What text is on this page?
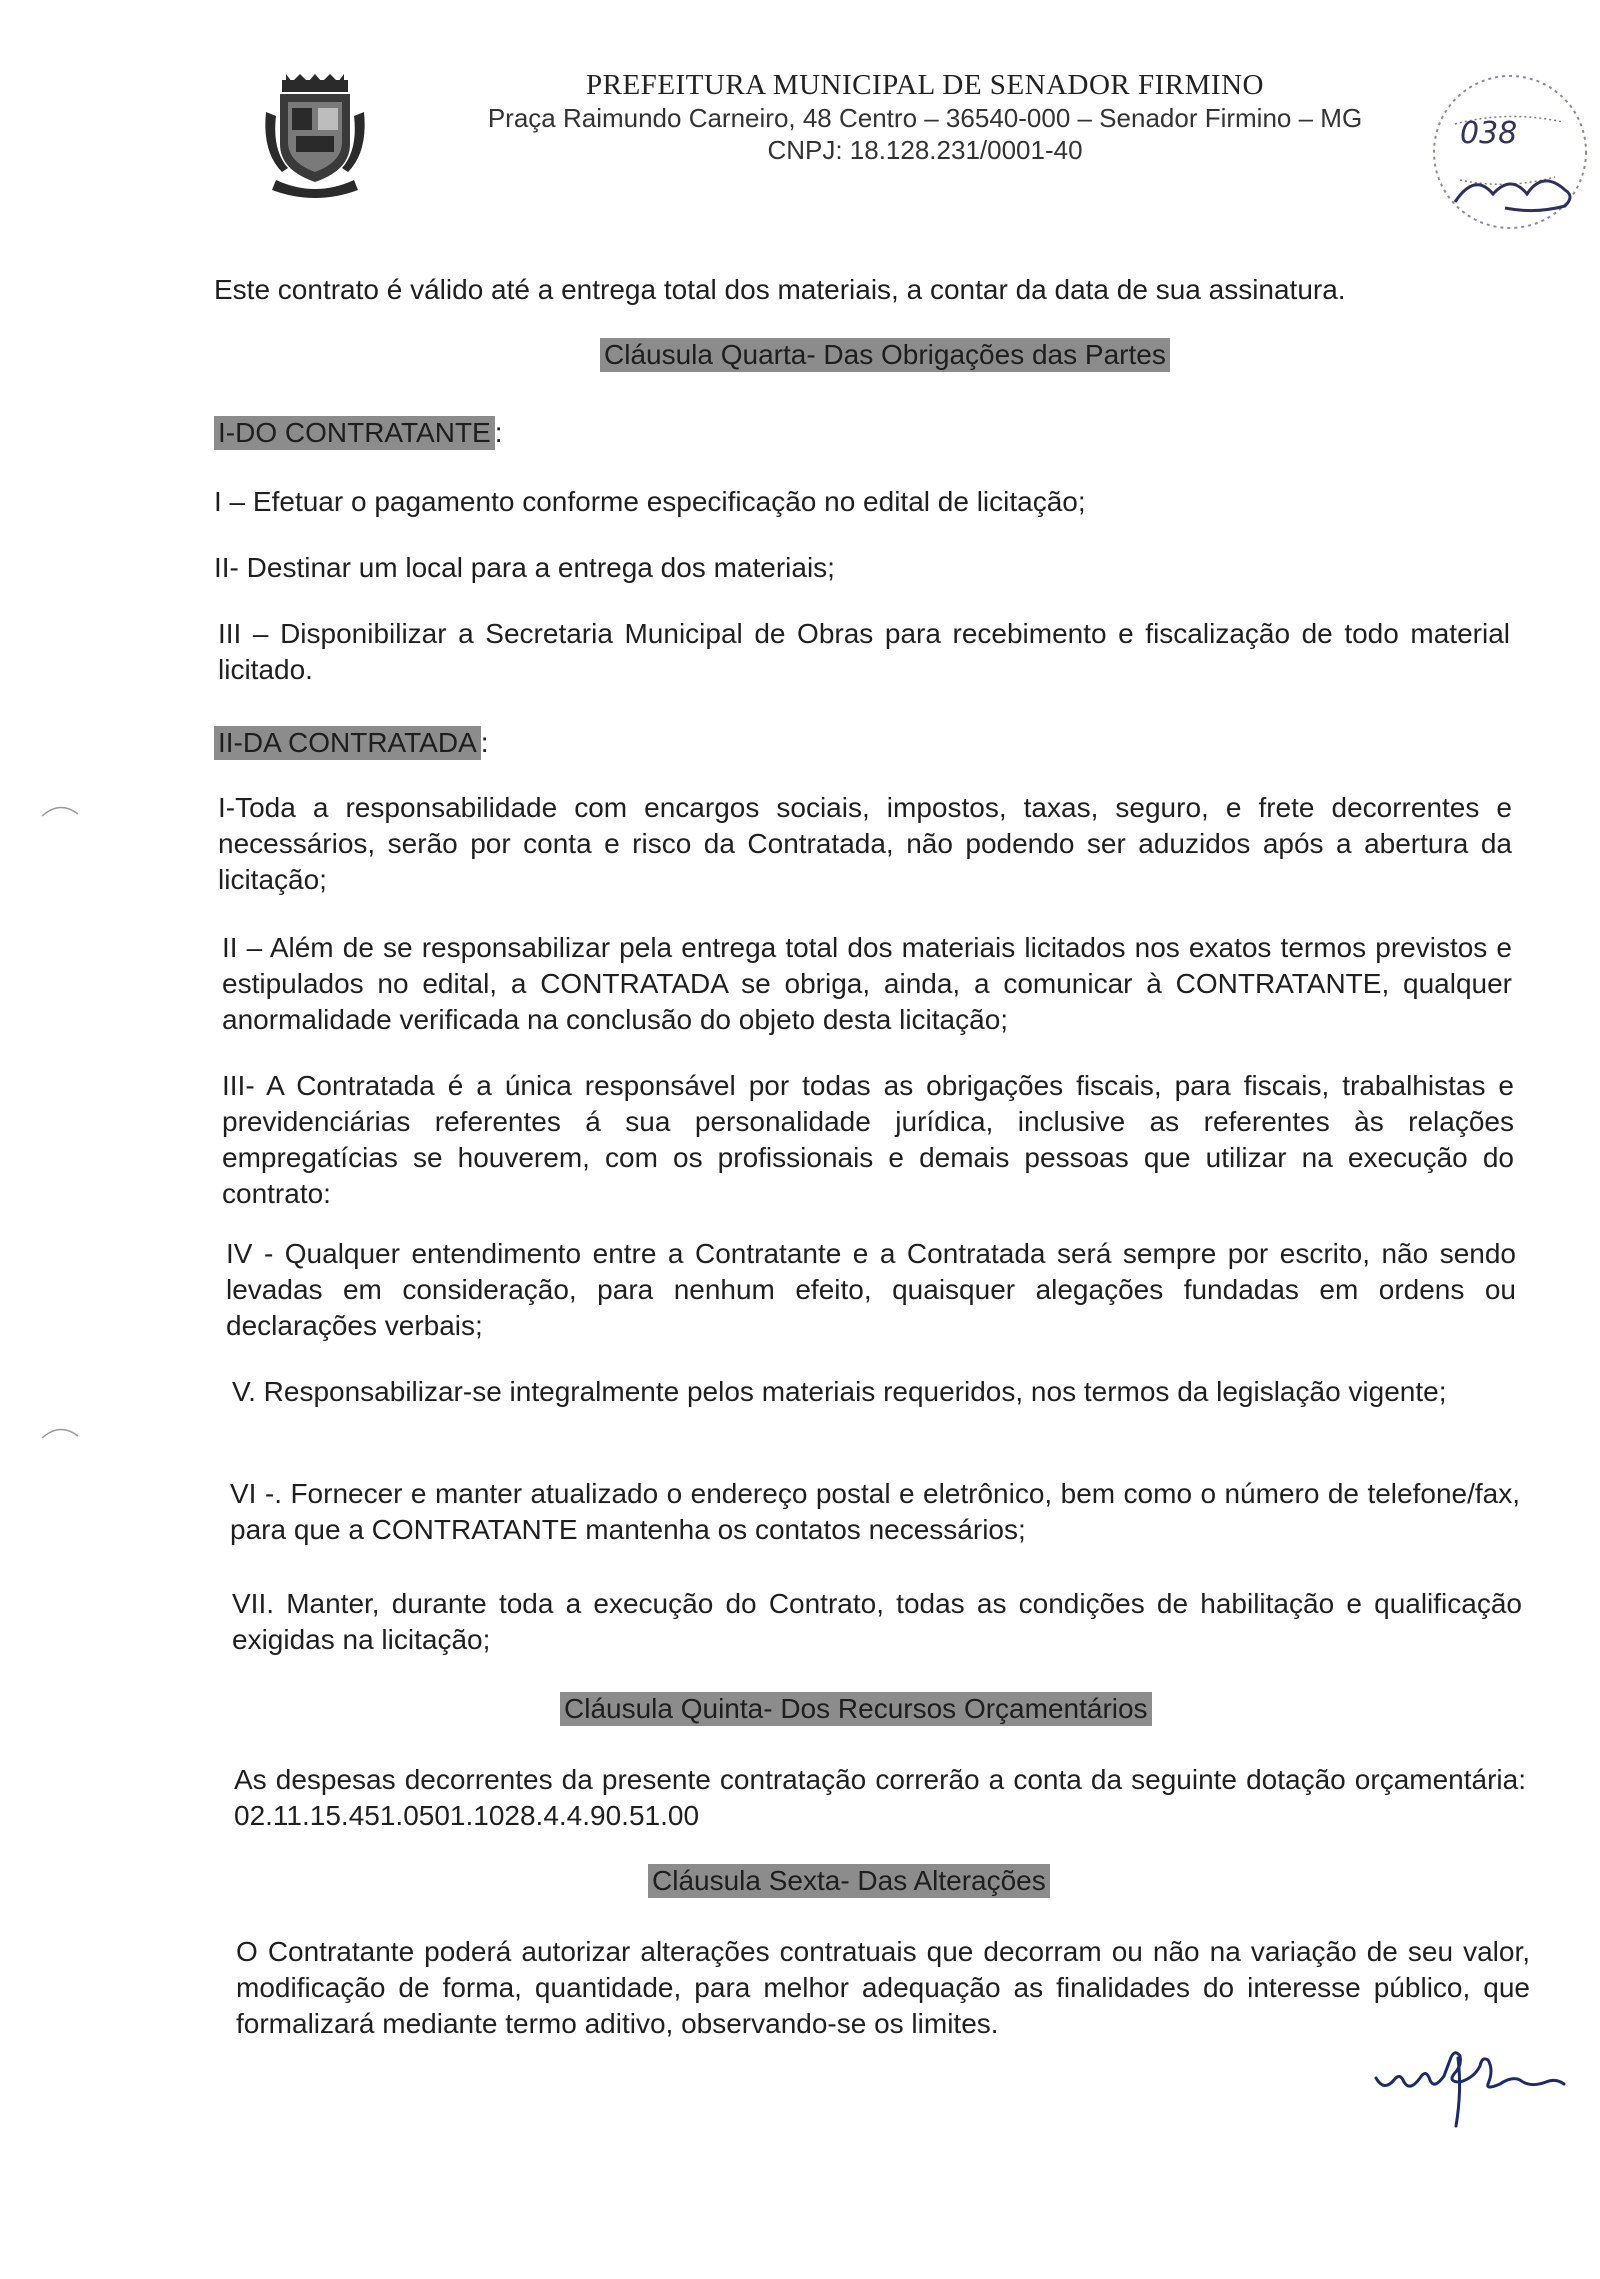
PREFEITURA MUNICIPAL DE SENADOR FIRMINO
Praça Raimundo Carneiro, 48 Centro – 36540-000 – Senador Firmino – MG
CNPJ: 18.128.231/0001-40	038
Este contrato é válido até a entrega total dos materiais, a contar da data de sua assinatura.
Cláusula Quarta- Das Obrigações das Partes
I-DO CONTRATANTE :
I – Efetuar o pagamento conforme especificação no edital de licitação;
II- Destinar um local para a entrega dos materiais;
III – Disponibilizar a Secretaria Municipal de Obras para recebimento e fiscalização de todo material licitado.
II-DA CONTRATADA :
I-Toda a responsabilidade com encargos sociais, impostos, taxas, seguro, e frete decorrentes e necessários, serão por conta e risco da Contratada, não podendo ser aduzidos após a abertura da licitação;
II – Além de se responsabilizar pela entrega total dos materiais licitados nos exatos termos previstos e estipulados no edital, a CONTRATADA se obriga, ainda, a comunicar à CONTRATANTE, qualquer anormalidade verificada na conclusão do objeto desta licitação;
III- A Contratada é a única responsável por todas as obrigações fiscais, para fiscais, trabalhistas e previdenciárias referentes á sua personalidade jurídica, inclusive as referentes às relações empregatícias se houverem, com os profissionais e demais pessoas que utilizar na execução do contrato:
IV - Qualquer entendimento entre a Contratante e a Contratada será sempre por escrito, não sendo levadas em consideração, para nenhum efeito, quaisquer alegações fundadas em ordens ou declarações verbais;
V. Responsabilizar-se integralmente pelos materiais requeridos, nos termos da legislação vigente;
VI -. Fornecer e manter atualizado o endereço postal e eletrônico, bem como o número de telefone/fax, para que a CONTRATANTE mantenha os contatos necessários;
VII. Manter, durante toda a execução do Contrato, todas as condições de habilitação e qualificação exigidas na licitação;
Cláusula Quinta- Dos Recursos Orçamentários
As despesas decorrentes da presente contratação correrão a conta da seguinte dotação orçamentária: 02.11.15.451.0501.1028.4.4.90.51.00
Cláusula Sexta- Das Alterações
O Contratante poderá autorizar alterações contratuais que decorram ou não na variação de seu valor, modificação de forma, quantidade, para melhor adequação as finalidades do interesse público, que formalizará mediante termo aditivo, observando-se os limites.
